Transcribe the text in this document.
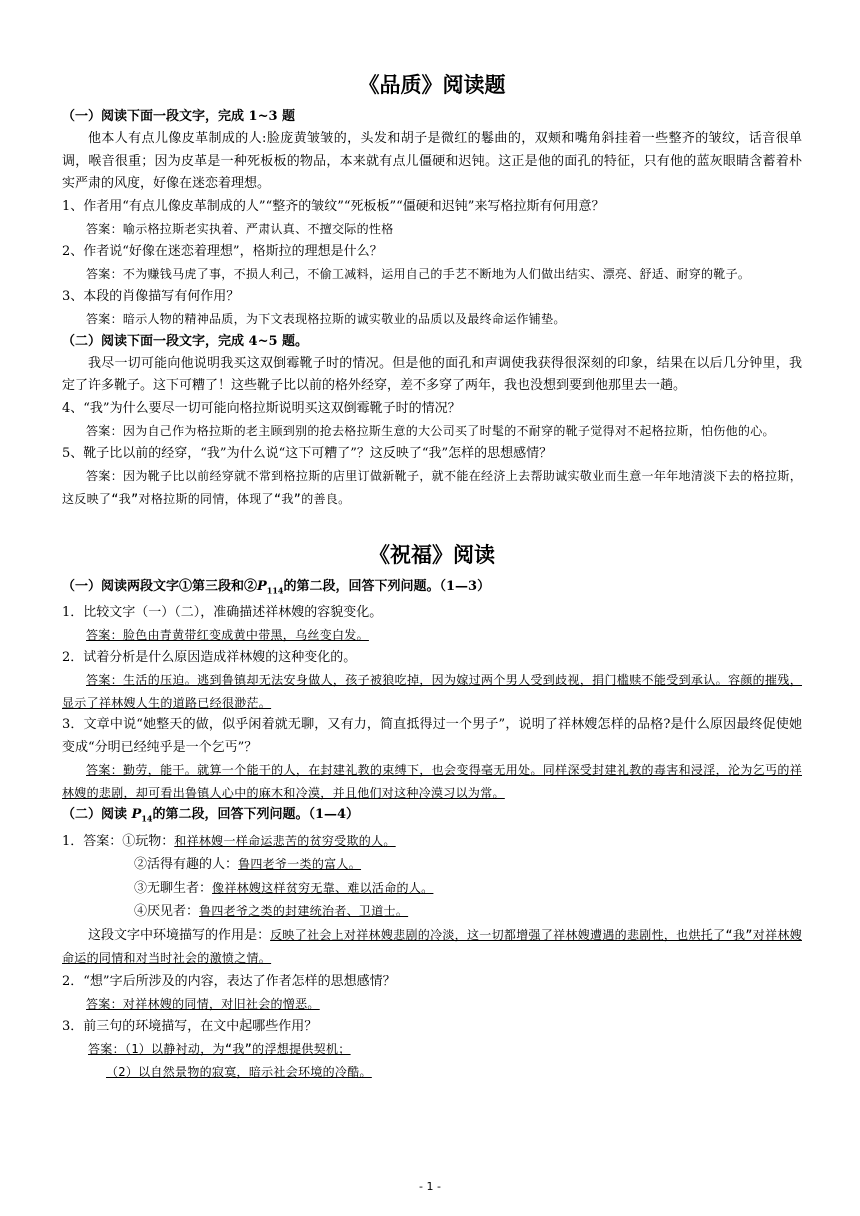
《品质》阅读题

（一）阅读下面一段文字，完成 1~3 题

他本人有点儿像皮革制成的人:脸庞黄皱皱的，头发和胡子是微红的鬈曲的，双颊和嘴角斜挂着一些整齐的皱纹，话音很单调，喉音很重；因为皮革是一种死板板的物品，本来就有点儿僵硬和迟钝。这正是他的面孔的特征，只有他的蓝灰眼睛含蓄着朴实严肃的风度，好像在迷恋着理想。

1、作者用“有点儿像皮革制成的人”“整齐的皱纹”“死板板”“僵硬和迟钝”来写格拉斯有何用意？

答案：喻示格拉斯老实执着、严肃认真、不擅交际的性格

2、作者说“好像在迷恋着理想”，格斯拉的理想是什么？

答案：不为赚钱马虎了事，不损人利己，不偷工减料，运用自己的手艺不断地为人们做出结实、漂亮、舒适、耐穿的靴子。

3、本段的肖像描写有何作用？

答案：暗示人物的精神品质，为下文表现格拉斯的诚实敬业的品质以及最终命运作铺垫。

（二）阅读下面一段文字，完成 4~5 题。

我尽一切可能向他说明我买这双倒霉靴子时的情况。但是他的面孔和声调使我获得很深刻的印象，结果在以后几分钟里，我定了许多靴子。这下可糟了！这些靴子比以前的格外经穿，差不多穿了两年，我也没想到要到他那里去一趟。

4、“我”为什么要尽一切可能向格拉斯说明买这双倒霉靴子时的情况？

答案：因为自己作为格拉斯的老主顾到别的抢去格拉斯生意的大公司买了时髦的不耐穿的靴子觉得对不起格拉斯，怕伤他的心。

5、靴子比以前的经穿，“我”为什么说“这下可糟了”？这反映了“我”怎样的思想感情？

答案：因为靴子比以前经穿就不常到格拉斯的店里订做新靴子，就不能在经济上去帮助诚实敬业而生意一年年地清淡下去的格拉斯，这反映了“我”对格拉斯的同情，体现了“我”的善良。

《祝福》阅读

（一）阅读两段文字①第三段和$②P_{114}$的第二段，回答下列问题。（1—3）

1．比较文字（一）（二），准确描述祥林嫂的容貌变化。

答案：脸色由青黄带红变成黄中带黑，乌丝变白发。

2．试着分析是什么原因造成祥林嫂的这种变化的。

答案：生活的压迫。逃到鲁镇却无法安身做人，孩子被狼吃掉，因为嫁过两个男人受到歧视，捐门槛赎不能受到承认。容颜的摧残，显示了祥林嫂人生的道路已经很渺茫。

3．文章中说“她整天的做，似乎闲着就无聊，又有力，简直抵得过一个男子”，说明了祥林嫂怎样的品格?是什么原因最终促使她变成“分明已经纯乎是一个乞丐”？

答案：勤劳，能干。就算一个能干的人，在封建礼教的束缚下，也会变得毫无用处。同样深受封建礼教的毒害和浸淫，沦为乞丐的祥林嫂的悲剧，却可看出鲁镇人心中的麻木和冷漠，并且他们对这种冷漠习以为常。

（二）阅读 $P_{14}$的第二段，回答下列问题。（1—4）

1．答案：①玩物：和祥林嫂一样命运悲苦的贫穷受欺的人。

②活得有趣的人：鲁四老爷一类的富人。

③无聊生者：像祥林嫂这样贫穷无靠、难以活命的人。

④厌见者：鲁四老爷之类的封建统治者、卫道士。

这段文字中环境描写的作用是：反映了社会上对祥林嫂悲剧的冷淡，这一切都增强了祥林嫂遭遇的悲剧性，也烘托了“我”对祥林嫂命运的同情和对当时社会的激愤之情。

2．“想”字后所涉及的内容，表达了作者怎样的思想感情？

答案：对祥林嫂的同情，对旧社会的憎恶。

3．前三句的环境描写，在文中起哪些作用？

答案：（1）以静衬动，为“我”的浮想提供契机；

（2）以自然景物的寂寞，暗示社会环境的冷酷。

- 1 -
